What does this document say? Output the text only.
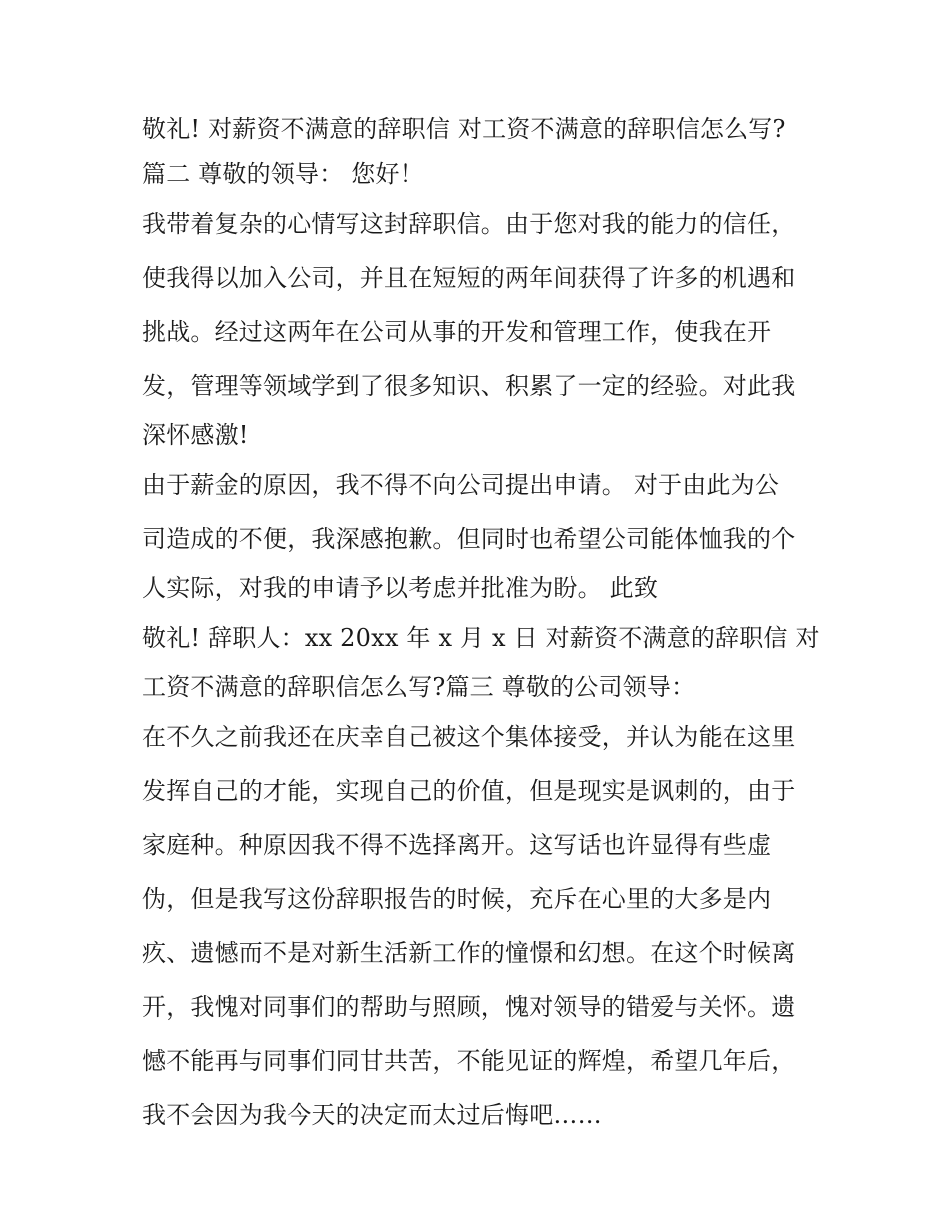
敬礼! 对薪资不满意的辞职信 对工资不满意的辞职信怎么写?
篇二 尊敬的领导： 您好！
我带着复杂的心情写这封辞职信。由于您对我的能力的信任，
使我得以加入公司，并且在短短的两年间获得了许多的机遇和
挑战。经过这两年在公司从事的开发和管理工作，使我在开
发，管理等领域学到了很多知识、积累了一定的经验。对此我
深怀感激!
由于薪金的原因，我不得不向公司提出申请。 对于由此为公
司造成的不便，我深感抱歉。但同时也希望公司能体恤我的个
人实际，对我的申请予以考虑并批准为盼。 此致
敬礼! 辞职人：xx 20xx 年 x 月 x 日 对薪资不满意的辞职信 对
工资不满意的辞职信怎么写?篇三 尊敬的公司领导：
在不久之前我还在庆幸自己被这个集体接受，并认为能在这里
发挥自己的才能，实现自己的价值，但是现实是讽刺的，由于
家庭种。种原因我不得不选择离开。这写话也许显得有些虚
伪，但是我写这份辞职报告的时候，充斥在心里的大多是内
疚、遗憾而不是对新生活新工作的憧憬和幻想。在这个时候离
开，我愧对同事们的帮助与照顾，愧对领导的错爱与关怀。遗
憾不能再与同事们同甘共苦，不能见证的辉煌，希望几年后，
我不会因为我今天的决定而太过后悔吧……
